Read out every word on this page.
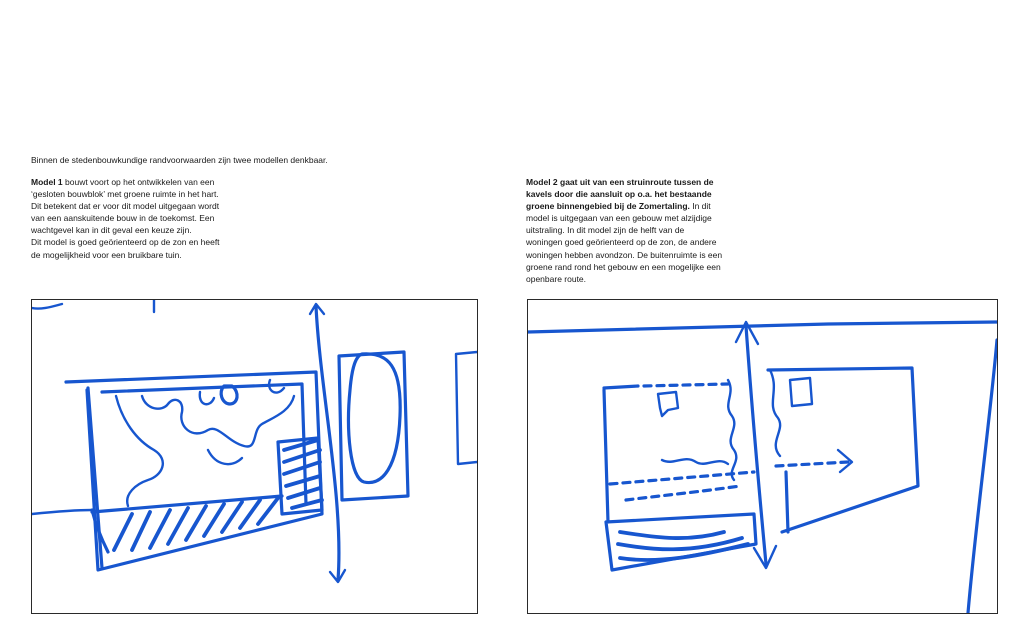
Binnen de stedenbouwkundige randvoorwaarden zijn twee modellen denkbaar.

Model 1 bouwt voort op het ontwikkelen van een
‘gesloten bouwblok’ met groene ruimte in het hart.
Dit betekent dat er voor dit model uitgegaan wordt
van een aanskuitende bouw in de toekomst. Een
wachtgevel kan in dit geval een keuze zijn.
Dit model is goed geörienteerd op de zon en heeft
de mogelijkheid voor een bruikbare tuin.

Model 2 gaat uit van een struinroute tussen de
kavels door die aansluit op o.a. het bestaande
groene binnengebied bij de Zomertaling. In dit
model is uitgegaan van een gebouw met alzijdige
uitstraling. In dit model zijn de helft van de
woningen goed geörienteerd op de zon, de andere
woningen hebben avondzon. De buitenruimte is een
groene rand rond het gebouw en een mogelijke een
openbare route.
